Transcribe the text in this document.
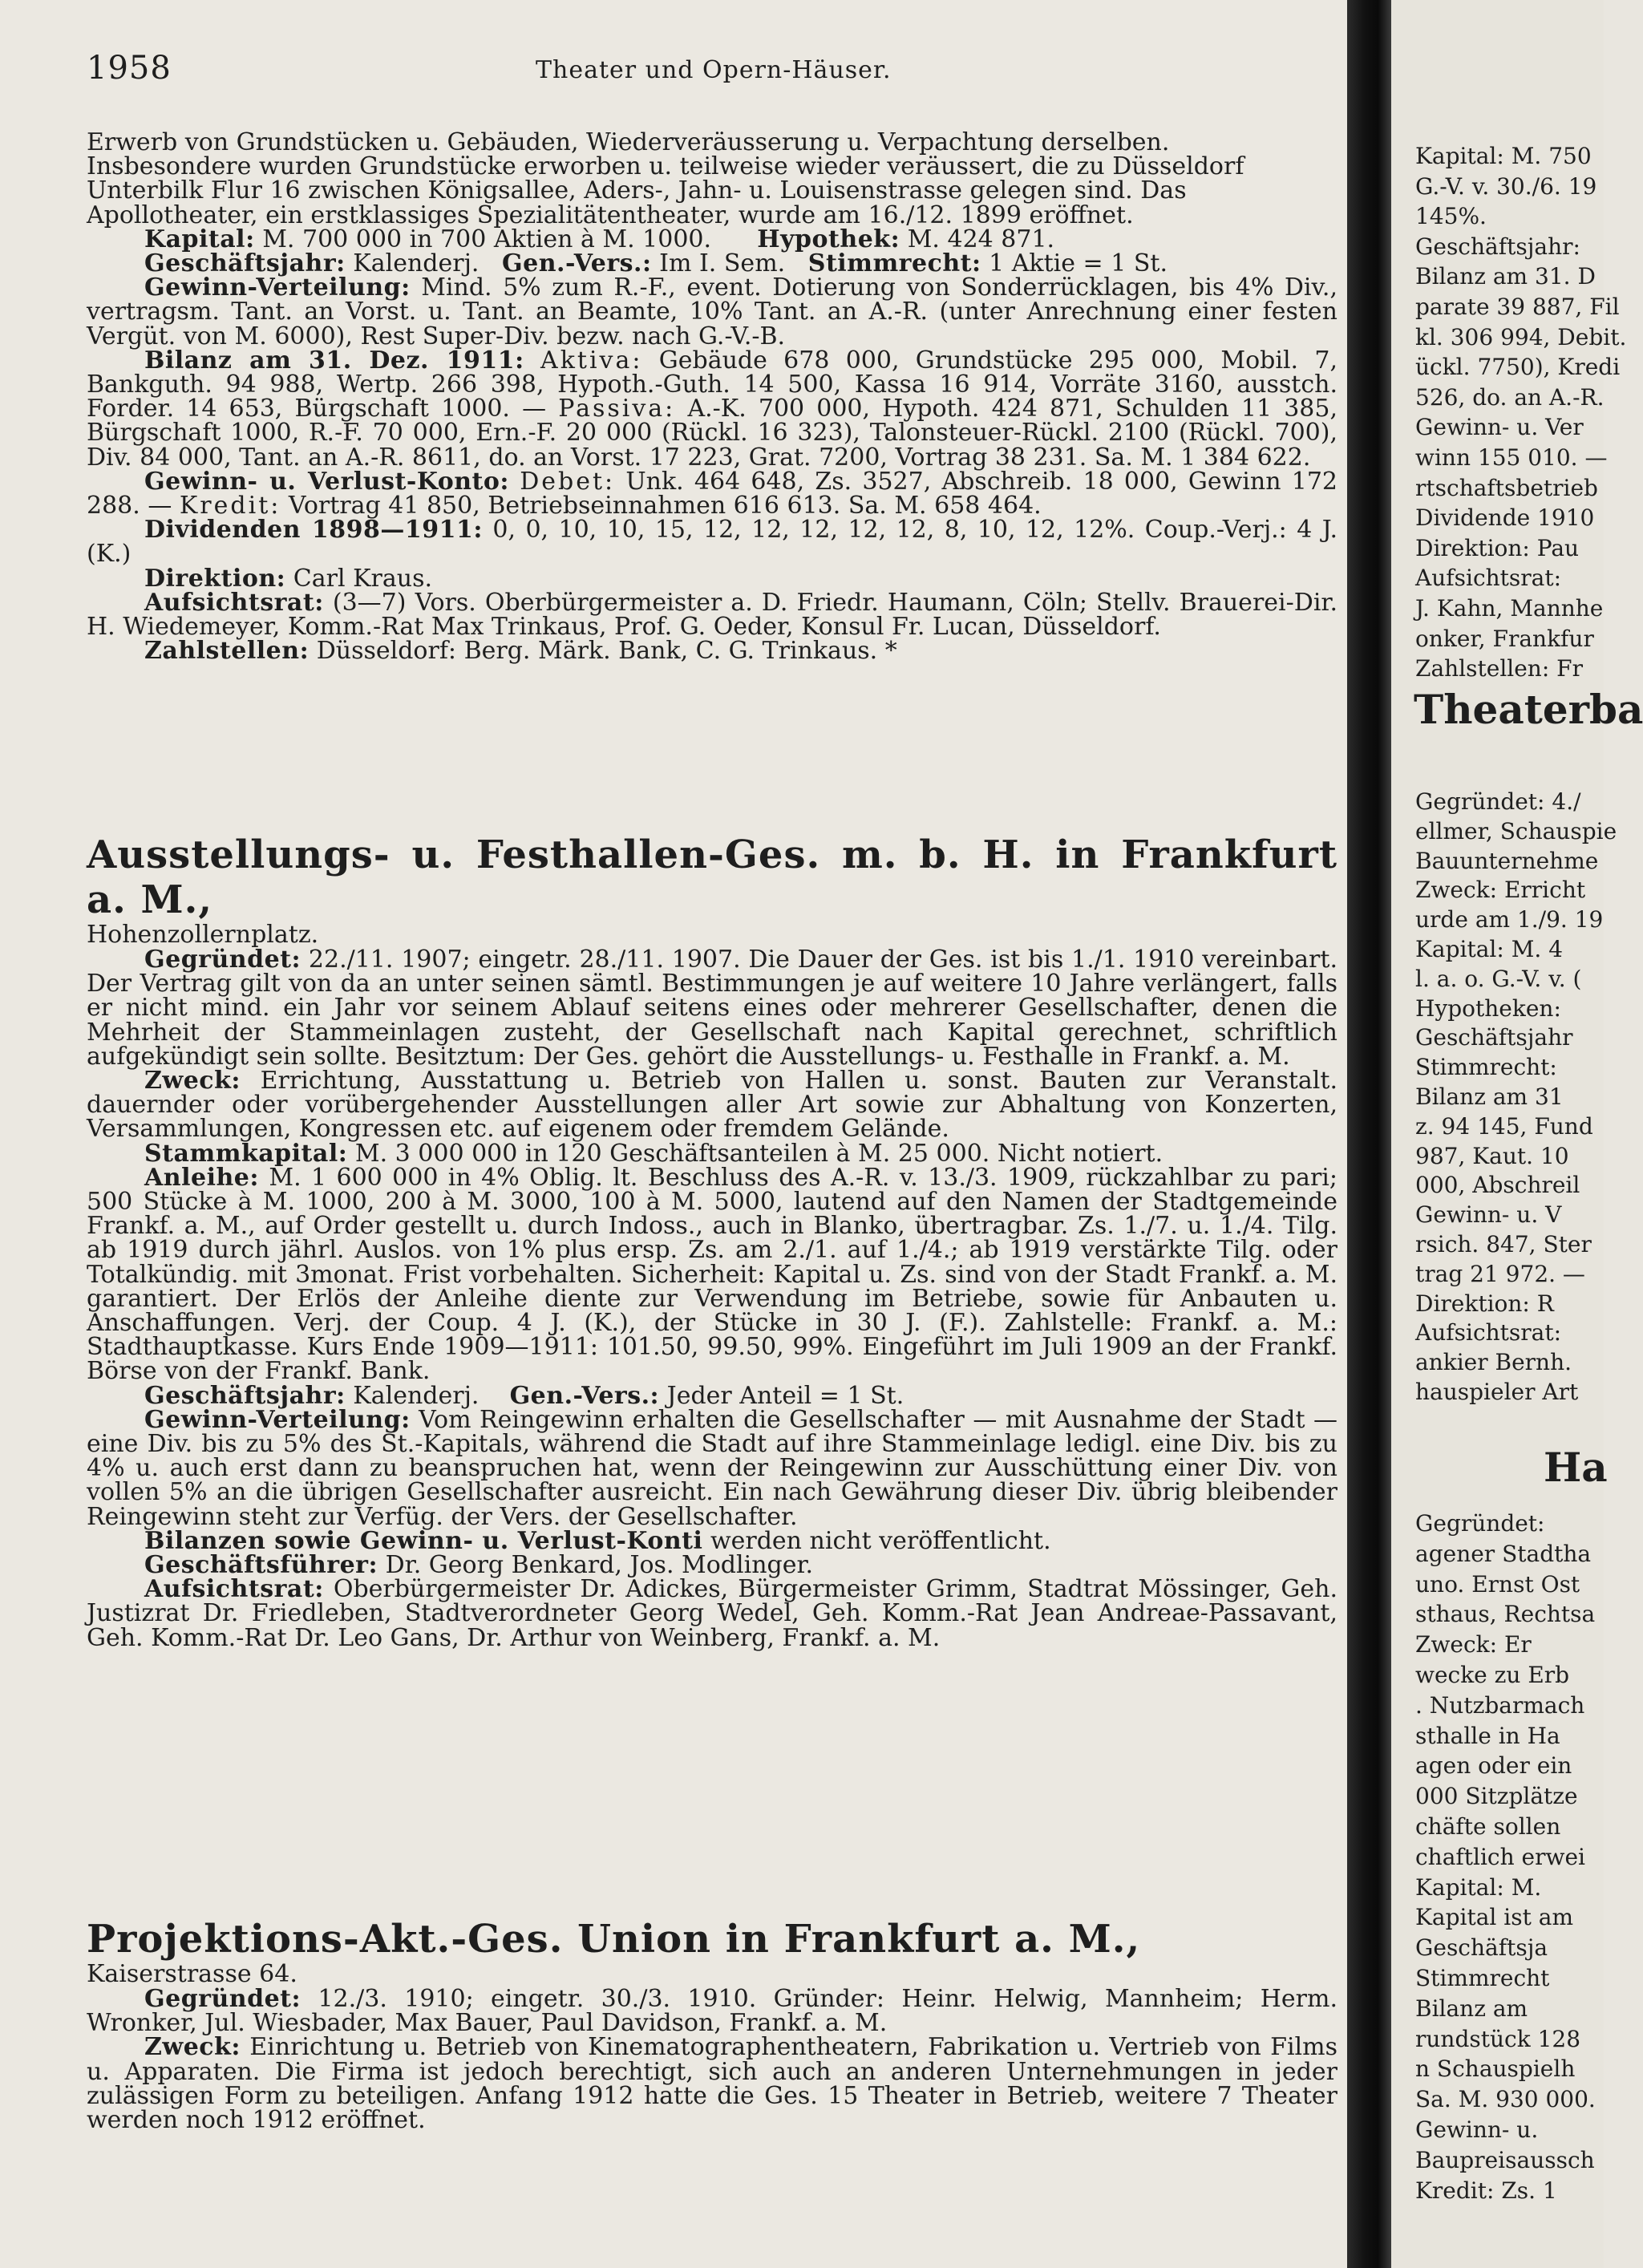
1958	Theater und Opern-Häuser.

Erwerb von Grundstücken u. Gebäuden, Wiederveräusserung u. Verpachtung derselben.

Insbesondere wurden Grundstücke erworben u. teilweise wieder veräussert, die zu Düsseldorf

Unterbilk Flur 16 zwischen Königsallee, Aders-, Jahn- u. Louisenstrasse gelegen sind. Das

Apollotheater, ein erstklassiges Spezialitätentheater, wurde am 16./12. 1899 eröffnet.

Kapital: M. 700 000 in 700 Aktien à M. 1000. Hypothek: M. 424 871.

Geschäftsjahr: Kalenderj. Gen.-Vers.: Im I. Sem. Stimmrecht: 1 Aktie = 1 St.

Gewinn-Verteilung: Mind. 5% zum R.-F., event. Dotierung von Sonderrücklagen, bis 4% Div., vertragsm. Tant. an Vorst. u. Tant. an Beamte, 10% Tant. an A.-R. (unter Anrechnung einer festen Vergüt. von M. 6000), Rest Super-Div. bezw. nach G.-V.-B.

Bilanz am 31. Dez. 1911: Aktiva: Gebäude 678 000, Grundstücke 295 000, Mobil. 7, Bankguth. 94 988, Wertp. 266 398, Hypoth.-Guth. 14 500, Kassa 16 914, Vorräte 3160, ausstch. Forder. 14 653, Bürgschaft 1000. — Passiva: A.-K. 700 000, Hypoth. 424 871, Schulden 11 385, Bürgschaft 1000, R.-F. 70 000, Ern.-F. 20 000 (Rückl. 16 323), Talonsteuer-Rückl. 2100 (Rückl. 700), Div. 84 000, Tant. an A.-R. 8611, do. an Vorst. 17 223, Grat. 7200, Vortrag 38 231. Sa. M. 1 384 622.

Gewinn- u. Verlust-Konto: Debet: Unk. 464 648, Zs. 3527, Abschreib. 18 000, Gewinn 172 288. — Kredit: Vortrag 41 850, Betriebseinnahmen 616 613. Sa. M. 658 464.

Dividenden 1898—1911: 0, 0, 10, 10, 15, 12, 12, 12, 12, 12, 8, 10, 12, 12%. Coup.-Verj.: 4 J. (K.)

Direktion: Carl Kraus.

Aufsichtsrat: (3—7) Vors. Oberbürgermeister a. D. Friedr. Haumann, Cöln; Stellv. Brauerei-Dir. H. Wiedemeyer, Komm.-Rat Max Trinkaus, Prof. G. Oeder, Konsul Fr. Lucan, Düsseldorf.

Zahlstellen: Düsseldorf: Berg. Märk. Bank, C. G. Trinkaus. *

Ausstellungs- u. Festhallen-Ges. m. b. H. in Frankfurt a. M.,

Hohenzollernplatz.

Gegründet: 22./11. 1907; eingetr. 28./11. 1907. Die Dauer der Ges. ist bis 1./1. 1910 vereinbart. Der Vertrag gilt von da an unter seinen sämtl. Bestimmungen je auf weitere 10 Jahre verlängert, falls er nicht mind. ein Jahr vor seinem Ablauf seitens eines oder mehrerer Gesellschafter, denen die Mehrheit der Stammeinlagen zusteht, der Gesellschaft nach Kapital gerechnet, schriftlich aufgekündigt sein sollte. Besitztum: Der Ges. gehört die Ausstellungs- u. Festhalle in Frankf. a. M.

Zweck: Errichtung, Ausstattung u. Betrieb von Hallen u. sonst. Bauten zur Veranstalt. dauernder oder vorübergehender Ausstellungen aller Art sowie zur Abhaltung von Konzerten, Versammlungen, Kongressen etc. auf eigenem oder fremdem Gelände.

Stammkapital: M. 3 000 000 in 120 Geschäftsanteilen à M. 25 000. Nicht notiert.

Anleihe: M. 1 600 000 in 4% Oblig. lt. Beschluss des A.-R. v. 13./3. 1909, rückzahlbar zu pari; 500 Stücke à M. 1000, 200 à M. 3000, 100 à M. 5000, lautend auf den Namen der Stadtgemeinde Frankf. a. M., auf Order gestellt u. durch Indoss., auch in Blanko, übertragbar. Zs. 1./7. u. 1./4. Tilg. ab 1919 durch jährl. Auslos. von 1% plus ersp. Zs. am 2./1. auf 1./4.; ab 1919 verstärkte Tilg. oder Totalkündig. mit 3monat. Frist vorbehalten. Sicherheit: Kapital u. Zs. sind von der Stadt Frankf. a. M. garantiert. Der Erlös der Anleihe diente zur Verwendung im Betriebe, sowie für Anbauten u. Anschaffungen. Verj. der Coup. 4 J. (K.), der Stücke in 30 J. (F.). Zahlstelle: Frankf. a. M.: Stadthauptkasse. Kurs Ende 1909—1911: 101.50, 99.50, 99%. Eingeführt im Juli 1909 an der Frankf. Börse von der Frankf. Bank.

Geschäftsjahr: Kalenderj. Gen.-Vers.: Jeder Anteil = 1 St.

Gewinn-Verteilung: Vom Reingewinn erhalten die Gesellschafter — mit Ausnahme der Stadt — eine Div. bis zu 5% des St.-Kapitals, während die Stadt auf ihre Stammeinlage ledigl. eine Div. bis zu 4% u. auch erst dann zu beanspruchen hat, wenn der Reingewinn zur Ausschüttung einer Div. von vollen 5% an die übrigen Gesellschafter ausreicht. Ein nach Gewährung dieser Div. übrig bleibender Reingewinn steht zur Verfüg. der Vers. der Gesellschafter.

Bilanzen sowie Gewinn- u. Verlust-Konti werden nicht veröffentlicht.

Geschäftsführer: Dr. Georg Benkard, Jos. Modlinger.

Aufsichtsrat: Oberbürgermeister Dr. Adickes, Bürgermeister Grimm, Stadtrat Mössinger, Geh. Justizrat Dr. Friedleben, Stadtverordneter Georg Wedel, Geh. Komm.-Rat Jean Andreae-Passavant, Geh. Komm.-Rat Dr. Leo Gans, Dr. Arthur von Weinberg, Frankf. a. M.

Projektions-Akt.-Ges. Union in Frankfurt a. M.,

Kaiserstrasse 64.

Gegründet: 12./3. 1910; eingetr. 30./3. 1910. Gründer: Heinr. Helwig, Mannheim; Herm. Wronker, Jul. Wiesbader, Max Bauer, Paul Davidson, Frankf. a. M.

Zweck: Einrichtung u. Betrieb von Kinematographentheatern, Fabrikation u. Vertrieb von Films u. Apparaten. Die Firma ist jedoch berechtigt, sich auch an anderen Unternehmungen in jeder zulässigen Form zu beteiligen. Anfang 1912 hatte die Ges. 15 Theater in Betrieb, weitere 7 Theater werden noch 1912 eröffnet.

Kapital: M. 750
G.-V. v. 30./6. 19
145%.
Geschäftsjahr:
Bilanz am 31. D
parate 39 887, Fil
kl. 306 994, Debit.
ückl. 7750), Kredi
526, do. an A.-R.
Gewinn- u. Ver
winn 155 010. —
rtschaftsbetrieb
Dividende 1910
Direktion: Pau
Aufsichtsrat:
J. Kahn, Mannhe
onker, Frankfur
Zahlstellen: Fr
Theaterba
Gegründet: 4./
ellmer, Schauspie
Bauunternehme
Zweck: Erricht
urde am 1./9. 19
Kapital: M. 4
l. a. o. G.-V. v. (
Hypotheken:
Geschäftsjahr
Stimmrecht:
Bilanz am 31
z. 94 145, Fund
987, Kaut. 10
000, Abschreil
Gewinn- u. V
rsich. 847, Ster
trag 21 972. —
Direktion: R
Aufsichtsrat:
ankier Bernh.
hauspieler Art
Ha
Gegründet:
agener Stadtha
uno. Ernst Ost
sthaus, Rechtsa
Zweck: Er
wecke zu Erb
. Nutzbarmach
sthalle in Ha
agen oder ein
000 Sitzplätze
chäfte sollen
chaftlich erwei
Kapital: M.
Kapital ist am
Geschäftsja
Stimmrecht
Bilanz am
rundstück 128
n Schauspielh
Sa. M. 930 000.
Gewinn- u.
Baupreisaussch
Kredit: Zs. 1
